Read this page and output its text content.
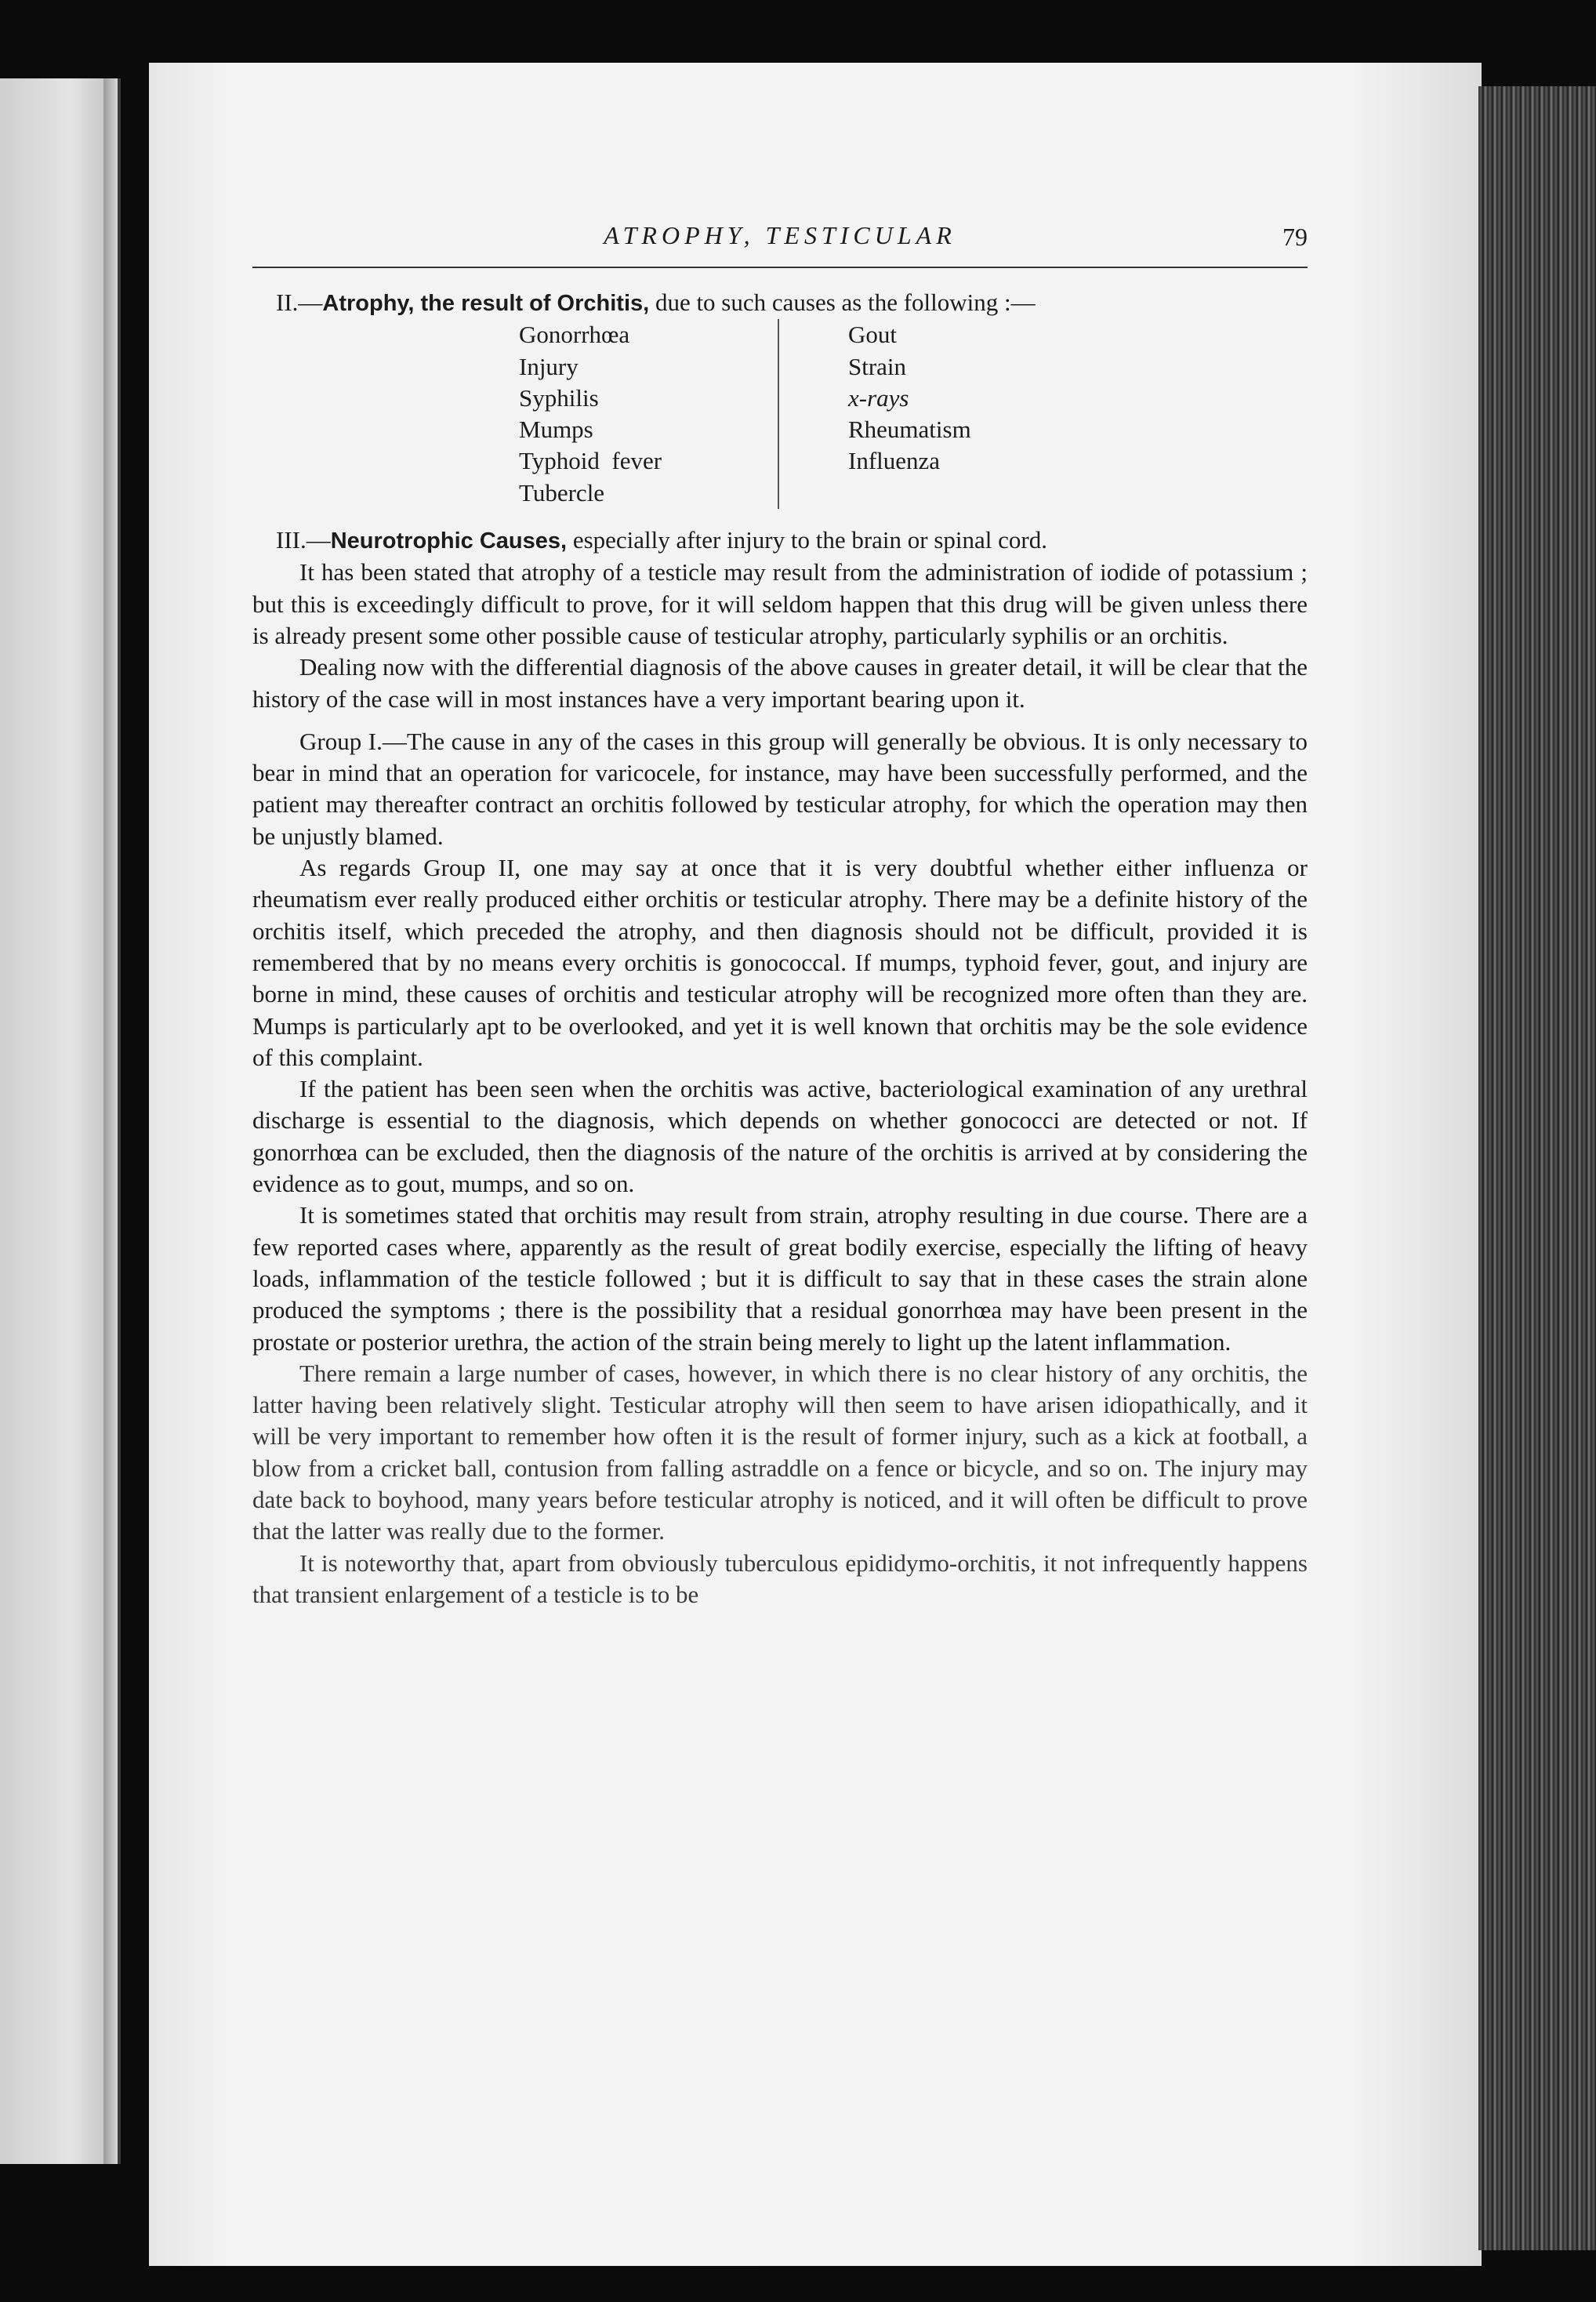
ATROPHY, TESTICULAR	79

II.—Atrophy, the result of Orchitis, due to such causes as the following :—

Gonorrhœa
Injury
Syphilis
Mumps
Typhoid  fever
Tubercle
Gout
Strain
x-rays
Rheumatism
Influenza

III.—Neurotrophic Causes, especially after injury to the brain or spinal cord.

It has been stated that atrophy of a testicle may result from the administration of iodide of potassium ; but this is exceedingly difficult to prove, for it will seldom happen that this drug will be given unless there is already present some other possible cause of testicular atrophy, particularly syphilis or an orchitis.

Dealing now with the differential diagnosis of the above causes in greater detail, it will be clear that the history of the case will in most instances have a very important bearing upon it.

Group I.—The cause in any of the cases in this group will generally be obvious. It is only necessary to bear in mind that an operation for varicocele, for instance, may have been successfully performed, and the patient may thereafter contract an orchitis followed by testicular atrophy, for which the operation may then be unjustly blamed.

As regards Group II, one may say at once that it is very doubtful whether either influenza or rheumatism ever really produced either orchitis or testicular atrophy. There may be a definite history of the orchitis itself, which preceded the atrophy, and then diagnosis should not be difficult, provided it is remembered that by no means every orchitis is gonococcal. If mumps, typhoid fever, gout, and injury are borne in mind, these causes of orchitis and testicular atrophy will be recognized more often than they are. Mumps is particularly apt to be overlooked, and yet it is well known that orchitis may be the sole evidence of this complaint.

If the patient has been seen when the orchitis was active, bacteriological examination of any urethral discharge is essential to the diagnosis, which depends on whether gonococci are detected or not. If gonorrhœa can be excluded, then the diagnosis of the nature of the orchitis is arrived at by considering the evidence as to gout, mumps, and so on.

It is sometimes stated that orchitis may result from strain, atrophy resulting in due course. There are a few reported cases where, apparently as the result of great bodily exercise, especially the lifting of heavy loads, inflammation of the testicle followed ; but it is difficult to say that in these cases the strain alone produced the symptoms ; there is the possibility that a residual gonorrhœa may have been present in the prostate or posterior urethra, the action of the strain being merely to light up the latent inflammation.

There remain a large number of cases, however, in which there is no clear history of any orchitis, the latter having been relatively slight. Testicular atrophy will then seem to have arisen idiopathically, and it will be very important to remember how often it is the result of former injury, such as a kick at football, a blow from a cricket ball, contusion from falling astraddle on a fence or bicycle, and so on. The injury may date back to boyhood, many years before testicular atrophy is noticed, and it will often be difficult to prove that the latter was really due to the former.

It is noteworthy that, apart from obviously tuberculous epididymo-orchitis, it not infrequently happens that transient enlargement of a testicle is to be
